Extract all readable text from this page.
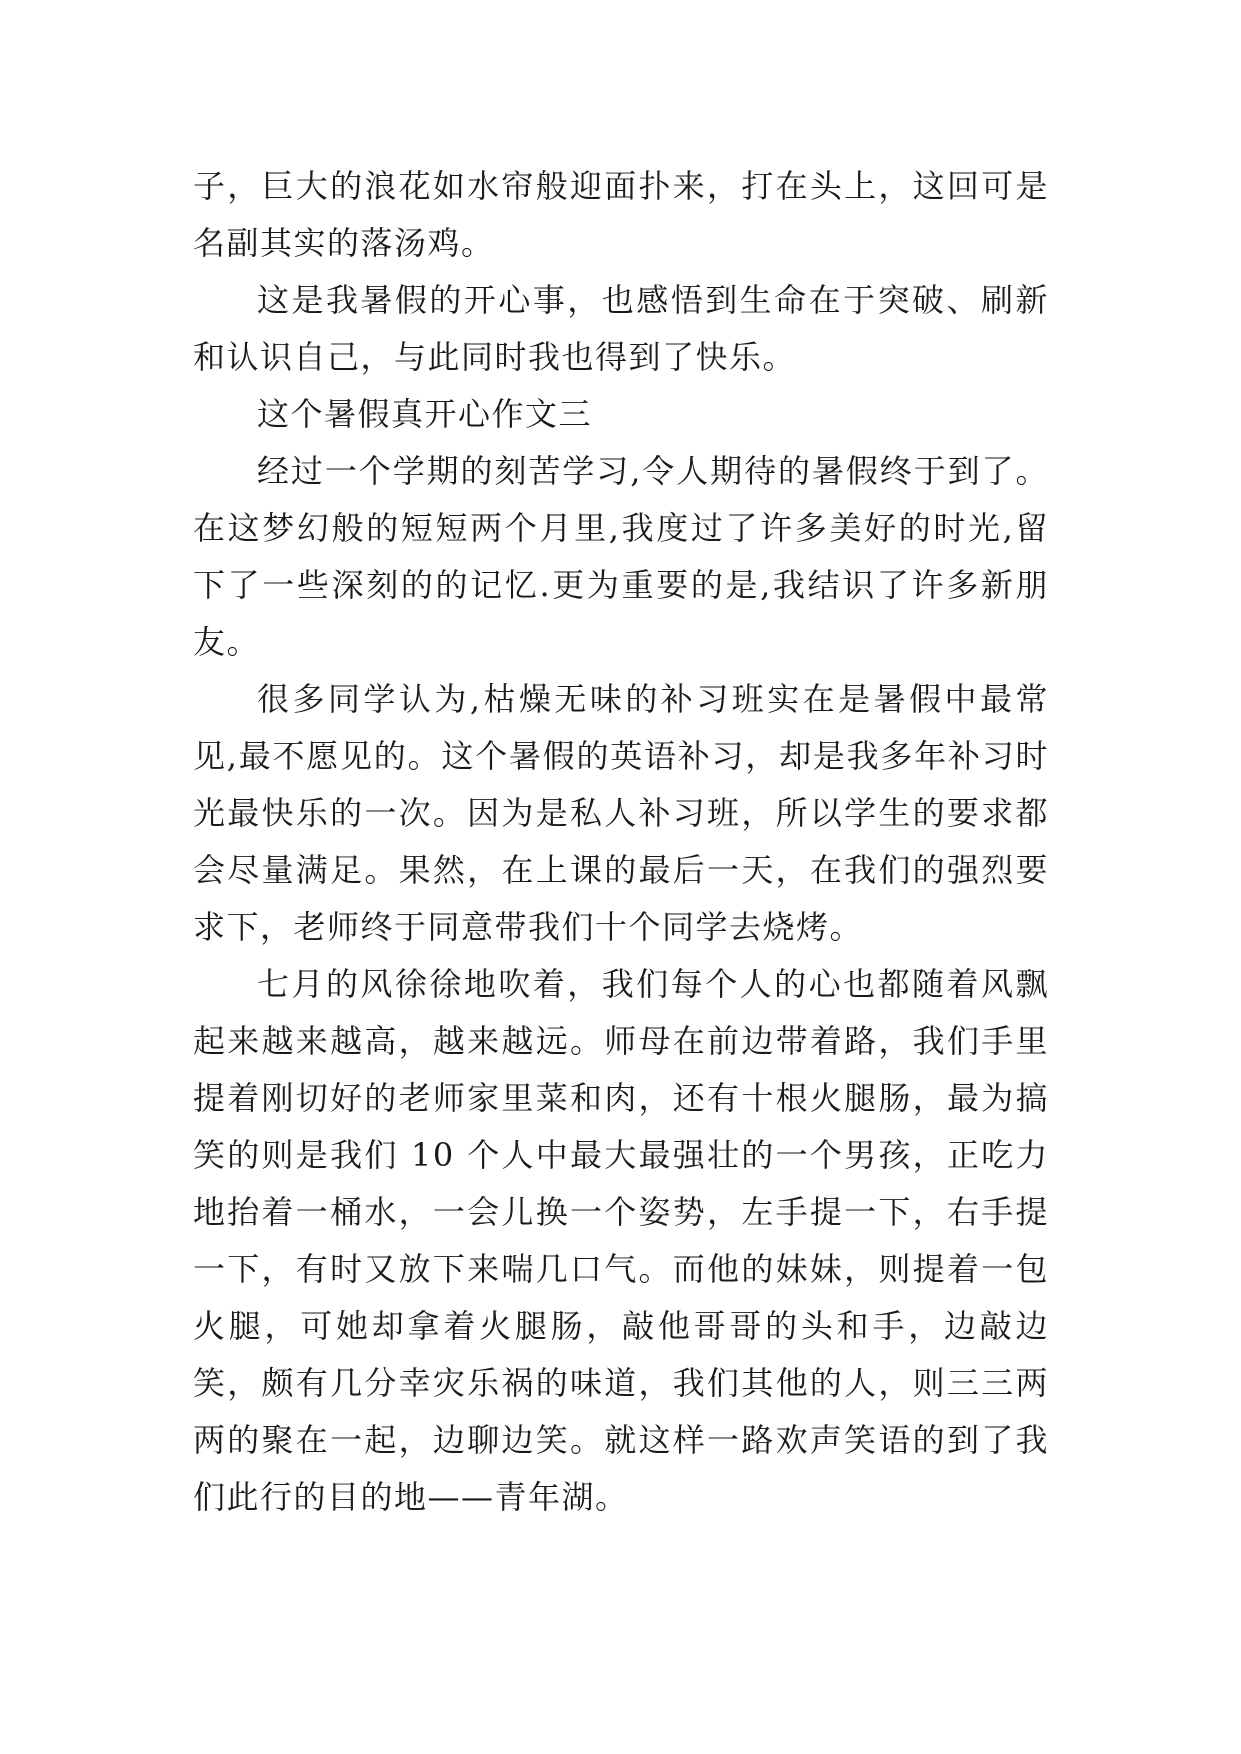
子，巨大的浪花如水帘般迎面扑来，打在头上，这回可是名副其实的落汤鸡。

这是我暑假的开心事，也感悟到生命在于突破、刷新和认识自己，与此同时我也得到了快乐。

这个暑假真开心作文三

经过一个学期的刻苦学习,令人期待的暑假终于到了。在这梦幻般的短短两个月里,我度过了许多美好的时光,留下了一些深刻的的记忆.更为重要的是,我结识了许多新朋友。

很多同学认为,枯燥无味的补习班实在是暑假中最常见,最不愿见的。这个暑假的英语补习，却是我多年补习时光最快乐的一次。因为是私人补习班，所以学生的要求都会尽量满足。果然，在上课的最后一天，在我们的强烈要求下，老师终于同意带我们十个同学去烧烤。

七月的风徐徐地吹着，我们每个人的心也都随着风飘起来越来越高，越来越远。师母在前边带着路，我们手里提着刚切好的老师家里菜和肉，还有十根火腿肠，最为搞笑的则是我们 10 个人中最大最强壮的一个男孩，正吃力地抬着一桶水，一会儿换一个姿势，左手提一下，右手提一下，有时又放下来喘几口气。而他的妹妹，则提着一包火腿，可她却拿着火腿肠，敲他哥哥的头和手，边敲边笑，颇有几分幸灾乐祸的味道，我们其他的人，则三三两两的聚在一起，边聊边笑。就这样一路欢声笑语的到了我们此行的目的地——青年湖。
